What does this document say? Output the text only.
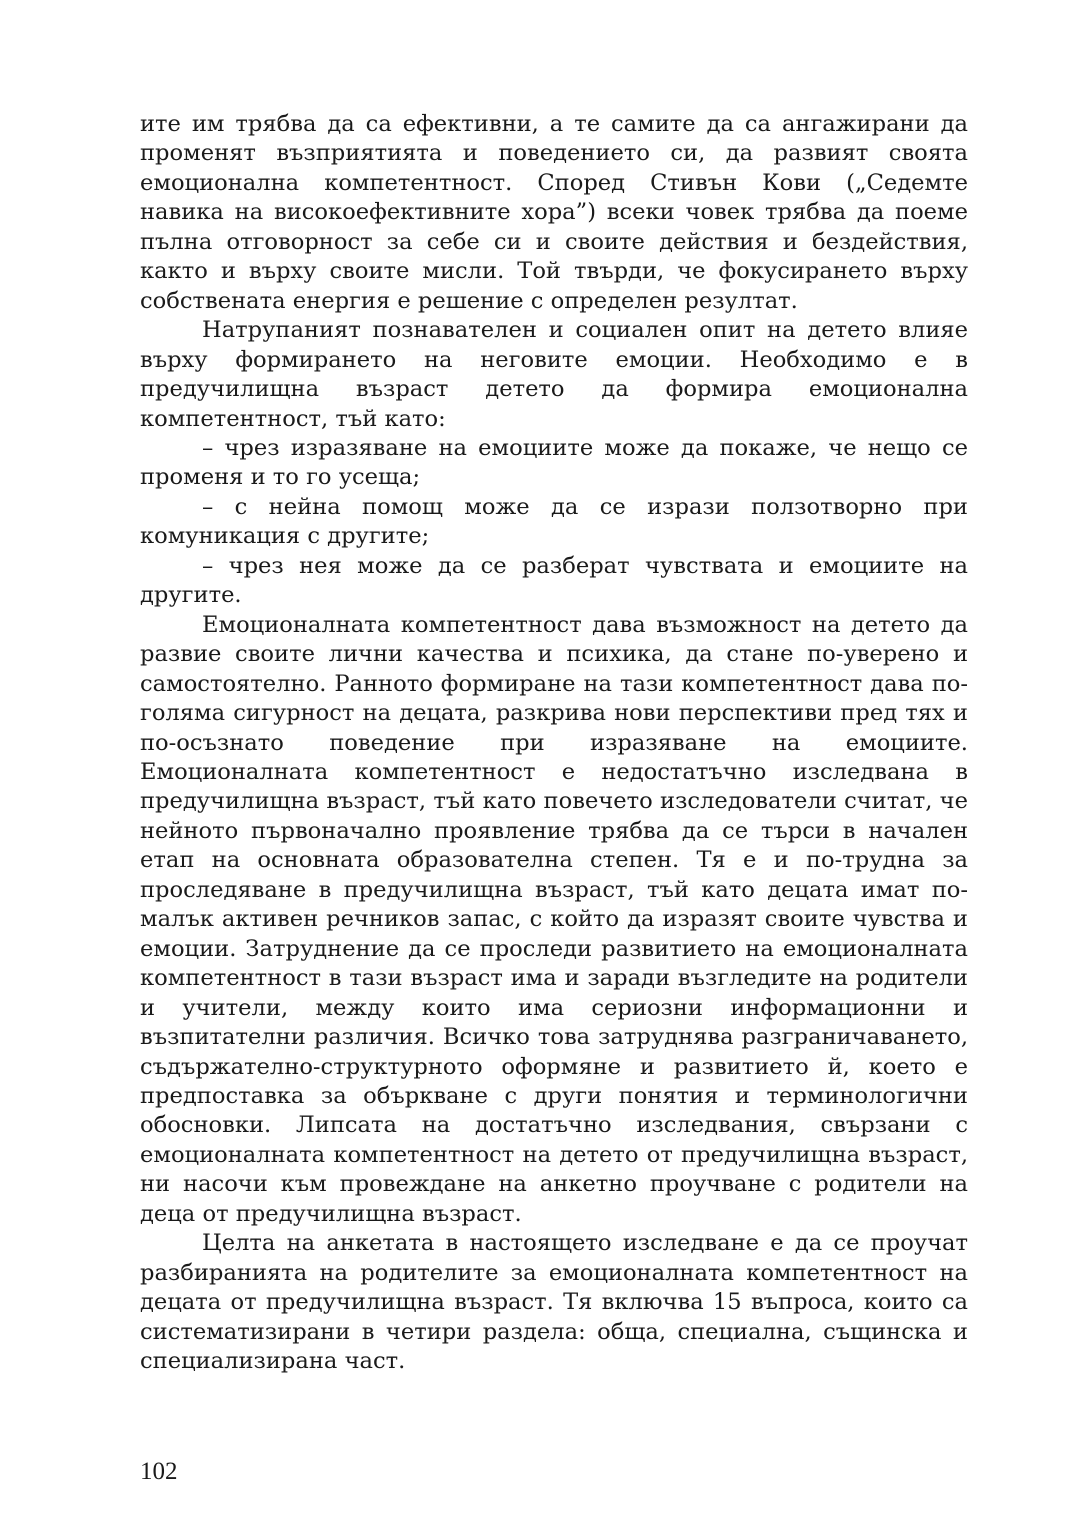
ите им трябва да са ефективни, а те самите да са ангажирани да променят възприятията и поведението си, да развият своята емоционална компетентност. Според Стивън Кови („Седемте навика на високоефективните хора”) всеки човек трябва да поеме пълна отговорност за себе си и своите действия и бездействия, както и върху своите мисли. Той твърди, че фокусирането върху собствената енергия е решение с определен резултат.

Натрупаният познавателен и социален опит на детето влияе върху формирането на неговите емоции. Необходимо е в предучилищна възраст детето да формира емоционална компетентност, тъй като:

– чрез изразяване на емоциите може да покаже, че нещо се променя и то го усеща;

– с нейна помощ може да се изрази ползотворно при комуникация с другите;

– чрез нея може да се разберат чувствата и емоциите на другите.

Емоционалната компетентност дава възможност на детето да развие своите лични качества и психика, да стане по-уверено и самостоятелно. Ранното формиране на тази компетентност дава по-голяма сигурност на децата, разкрива нови перспективи пред тях и по-осъзнато поведение при изразяване на емоциите. Емоционалната компетентност е недостатъчно изследвана в предучилищна възраст, тъй като повечето изследователи считат, че нейното първоначално проявление трябва да се търси в начален етап на основната образователна степен. Тя е и по-трудна за проследяване в предучилищна възраст, тъй като децата имат по-малък активен речников запас, с който да изразят своите чувства и емоции. Затруднение да се проследи развитието на емоционалната компетентност в тази възраст има и заради възгледите на родители и учители, между които има сериозни информационни и възпитателни различия. Всичко това затруднява разграничаването, съдържателно-структурното оформяне и развитието й, което е предпоставка за объркване с други понятия и терминологични обосновки. Липсата на достатъчно изследвания, свързани с емоционалната компетентност на детето от предучилищна възраст, ни насочи към провеждане на анкетно проучване с родители на деца от предучилищна възраст.

Целта на анкетата в настоящето изследване е да се проучат разбиранията на родителите за емоционалната компетентност на децата от предучилищна възраст. Тя включва 15 въпроса, които са систематизирани в четири раздела: обща, специална, същинска и специализирана част.

102
